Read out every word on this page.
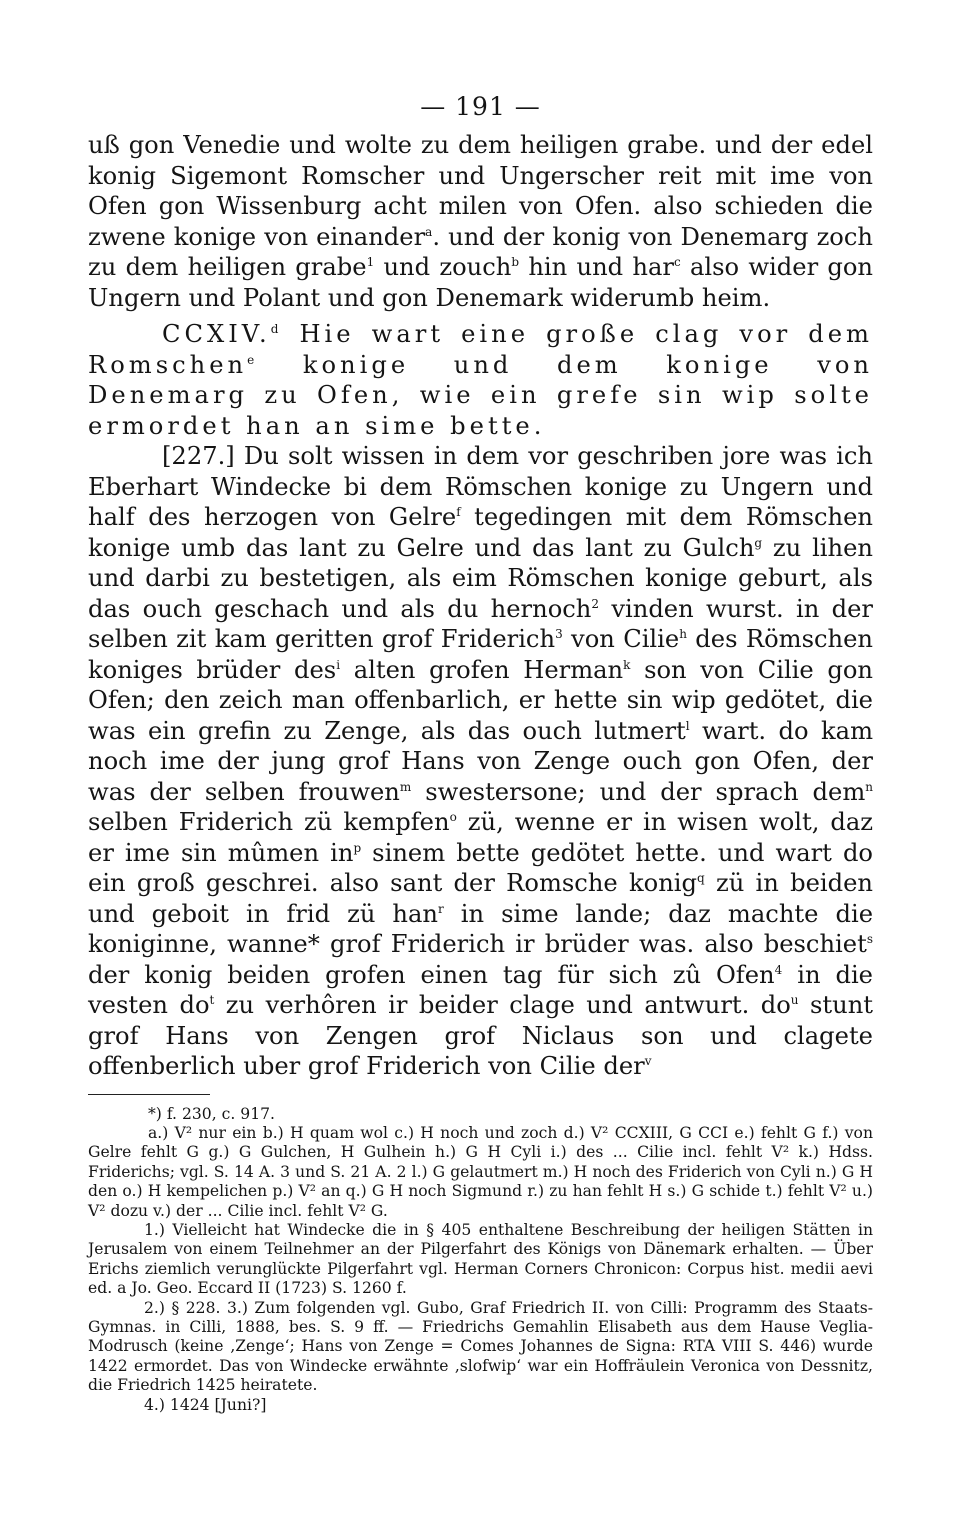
— 191 —

uß gon Venedie und wolte zu dem heiligen grabe. und der edel konig Sigemont Romscher und Ungerscher reit mit ime von Ofen gon Wissenburg acht milen von Ofen. also schieden die zwene konige von einander$^a$. und der konig von Denemarg zoch zu dem heiligen grabe$^1$ und zouch$^b$ hin und har$^c$ also wider gon Ungern und Polant und gon Denemark widerumb heim.

CCXIV.$^d$ Hie wart eine große clag vor dem Romschen$^e$ konige und dem konige von Denemarg zu Ofen, wie ein grefe sin wip solte ermordet han an sime bette.

[227.] Du solt wissen in dem vor geschriben jore was ich Eberhart Windecke bi dem Römschen konige zu Ungern und half des herzogen von Gelre$^f$ tegedingen mit dem Römschen konige umb das lant zu Gelre und das lant zu Gulch$^g$ zu lihen und darbi zu bestetigen, als eim Römschen konige geburt, als das ouch geschach und als du hernoch$^2$ vinden wurst. in der selben zit kam geritten grof Friderich$^3$ von Cilie$^h$ des Römschen koniges brüder des$^i$ alten grofen Herman$^k$ son von Cilie gon Ofen; den zeich man offenbarlich, er hette sin wip gedötet, die was ein grefin zu Zenge, als das ouch lutmert$^l$ wart. do kam noch ime der jung grof Hans von Zenge ouch gon Ofen, der was der selben frouwen$^m$ swestersone; und der sprach dem$^n$ selben Friderich zü kempfen$^o$ zü, wenne er in wisen wolt, daz er ime sin mûmen $in^p$ sinem bette gedötet hette. und wart do ein groß geschrei. also sant der Romsche konig$^q$ zü in beiden und geboit in frid zü han$^r$ in sime lande; daz machte die koniginne, wanne* grof Friderich ir brüder was. also beschiet$^s$ der konig beiden grofen einen tag für sich zû Ofen$^4$ in die vesten $do^t$ zu verhôren ir beider clage und antwurt. $do^u$ stunt grof Hans von Zengen grof Niclaus son und clagete offenberlich uber grof Friderich von Cilie der$^v$

*) f. 230, c. 917.

a.) V² nur ein b.) H quam wol c.) H noch und zoch d.) V² CCXIII, G CCI e.) fehlt G f.) von Gelre fehlt G g.) G Gulchen, H Gulhein h.) G H Cyli i.) des ... Cilie incl. fehlt V² k.) Hdss. Friderichs; vgl. S. 14 A. 3 und S. 21 A. 2 l.) G gelautmert m.) H noch des Friderich von Cyli n.) G H den o.) H kempelichen p.) V² an q.) G H noch Sigmund r.) zu han fehlt H s.) G schide t.) fehlt V² u.) V² dozu v.) der ... Cilie incl. fehlt V² G.

1.) Vielleicht hat Windecke die in § 405 enthaltene Beschreibung der heiligen Stätten in Jerusalem von einem Teilnehmer an der Pilgerfahrt des Königs von Dänemark erhalten. — Über Erichs ziemlich verunglückte Pilgerfahrt vgl. Herman Corners Chronicon: Corpus hist. medii aevi ed. a Jo. Geo. Eccard II (1723) S. 1260 f.

2.) § 228. 3.) Zum folgenden vgl. Gubo, Graf Friedrich II. von Cilli: Programm des Staats-Gymnas. in Cilli, 1888, bes. S. 9 ff. — Friedrichs Gemahlin Elisabeth aus dem Hause Veglia-Modrusch (keine ‚Zenge‘; Hans von Zenge = Comes Johannes de Signa: RTA VIII S. 446) wurde 1422 ermordet. Das von Windecke erwähnte ‚slofwip‘ war ein Hoffräulein Veronica von Dessnitz, die Friedrich 1425 heiratete.

4.) 1424 [Juni?]
